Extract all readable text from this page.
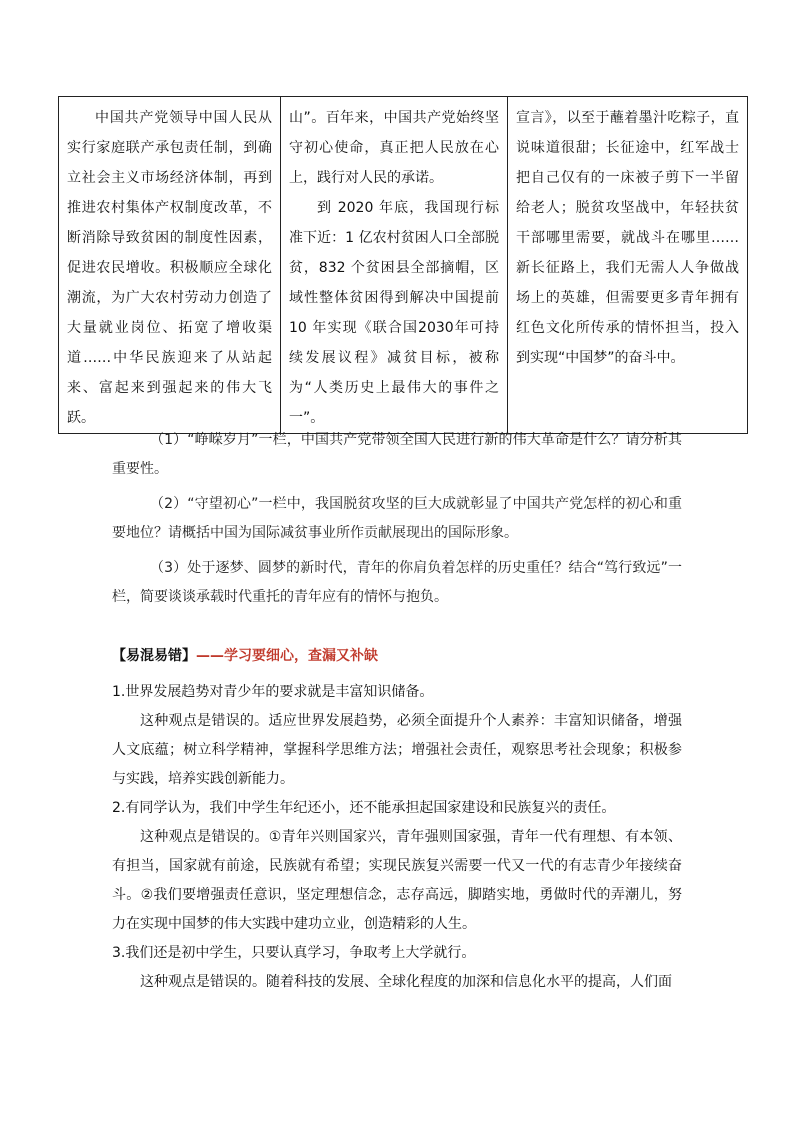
中国共产党领导中国人民从实行家庭联产承包责任制，到确立社会主义市场经济体制，再到推进农村集体产权制度改革，不断消除导致贫困的制度性因素，促进农民增收。积极顺应全球化潮流，为广大农村劳动力创造了大量就业岗位、拓宽了增收渠道……中华民族迎来了从站起来、富起来到强起来的伟大飞跃。

山”。百年来，中国共产党始终坚守初心使命，真正把人民放在心上，践行对人民的承诺。

到 2020 年底，我国现行标准下近：1 亿农村贫困人口全部脱贫，832 个贫困县全部摘帽，区域性整体贫困得到解决中国提前 10 年实现《联合国2030年可持续发展议程》减贫目标，被称为“人类历史上最伟大的事件之一”。

宣言》，以至于蘸着墨汁吃粽子，直说味道很甜；长征途中，红军战士把自己仅有的一床被子剪下一半留给老人；脱贫攻坚战中，年轻扶贫干部哪里需要，就战斗在哪里……新长征路上，我们无需人人争做战场上的英雄，但需要更多青年拥有红色文化所传承的情怀担当，投入到实现“中国梦”的奋斗中。

（1）“峥嵘岁月”一栏，中国共产党带领全国人民进行新的伟大革命是什么？请分析其重要性。

（2）“守望初心”一栏中，我国脱贫攻坚的巨大成就彰显了中国共产党怎样的初心和重要地位？请概括中国为国际减贫事业所作贡献展现出的国际形象。

（3）处于逐梦、圆梦的新时代，青年的你肩负着怎样的历史重任？结合“笃行致远”一栏，简要谈谈承载时代重托的青年应有的情怀与抱负。

【易混易错】——学习要细心，查漏又补缺

1.世界发展趋势对青少年的要求就是丰富知识储备。

这种观点是错误的。适应世界发展趋势，必须全面提升个人素养：丰富知识储备，增强人文底蕴；树立科学精神，掌握科学思维方法；增强社会责任，观察思考社会现象；积极参与实践，培养实践创新能力。

2.有同学认为，我们中学生年纪还小，还不能承担起国家建设和民族复兴的责任。

这种观点是错误的。①青年兴则国家兴，青年强则国家强，青年一代有理想、有本领、有担当，国家就有前途，民族就有希望；实现民族复兴需要一代又一代的有志青少年接续奋斗。②我们要增强责任意识，坚定理想信念，志存高远，脚踏实地，勇做时代的弄潮儿，努力在实现中国梦的伟大实践中建功立业，创造精彩的人生。

3.我们还是初中学生，只要认真学习，争取考上大学就行。

这种观点是错误的。随着科技的发展、全球化程度的加深和信息化水平的提高，人们面
